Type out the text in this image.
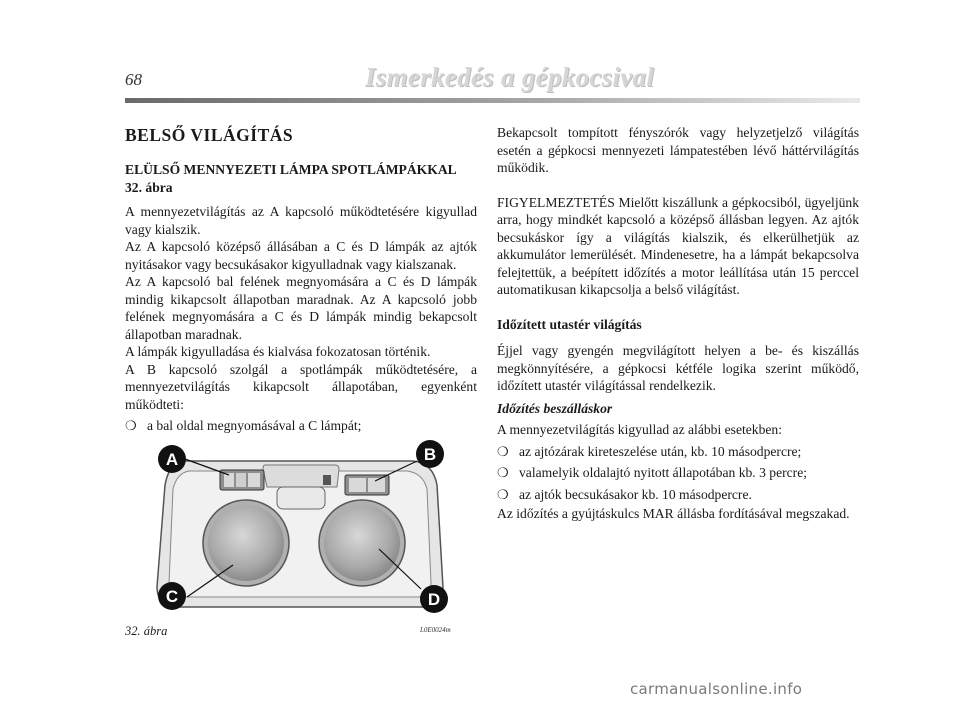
68	Ismerkedés a gépkocsival
BELSŐ VILÁGÍTÁS
ELÜLSŐ MENNYEZETI LÁMPA SPOTLÁMPÁKKAL
32. ábra

A mennyezetvilágítás az A kapcsoló működtetésére kigyullad vagy kialszik.

Az A kapcsoló középső állásában a C és D lámpák az ajtók nyitásakor vagy becsukásakor kigyulladnak vagy kialszanak.

Az A kapcsoló bal felének megnyomására a C és D lámpák mindig kikapcsolt állapotban maradnak. Az A kapcsoló jobb felének megnyomására a C és D lámpák mindig bekapcsolt állapotban maradnak.

A lámpák kigyulladása és kialvása fokozatosan történik.

A B kapcsoló szolgál a spotlámpák működtetésére, a mennyezetvilágítás kikapcsolt állapotában, egyenként működteti:

❍ a bal oldal megnyomásával a C lámpát;
A	B
C	D
32. ábra	L0E0024m

Bekapcsolt tompított fényszórók vagy helyzetjelző világítás esetén a gépkocsi mennyezeti lámpatestében lévő háttérvilágítás működik.

FIGYELMEZTETÉS Mielőtt kiszállunk a gépkocsiból, ügyeljünk arra, hogy mindkét kapcsoló a középső állásban legyen. Az ajtók becsukáskor így a világítás kialszik, és elkerülhetjük az akkumulátor lemerülését. Mindenesetre, ha a lámpát bekapcsolva felejtettük, a beépített időzítés a motor leállítása után 15 perccel automatikusan kikapcsolja a belső világítást.

Időzített utastér világítás

Éjjel vagy gyengén megvilágított helyen a be- és kiszállás megkönnyítésére, a gépkocsi kétféle logika szerint működő, időzített utastér világítással rendelkezik.

Időzítés beszálláskor

A mennyezetvilágítás kigyullad az alábbi esetekben:

❍ az ajtózárak kireteszelése után, kb. 10 másodpercre;
❍ valamelyik oldalajtó nyitott állapotában kb. 3 percre;
❍ az ajtók becsukásakor kb. 10 másodpercre.

Az időzítés a gyújtáskulcs MAR állásba fordításával megszakad.

carmanualsonline.info
